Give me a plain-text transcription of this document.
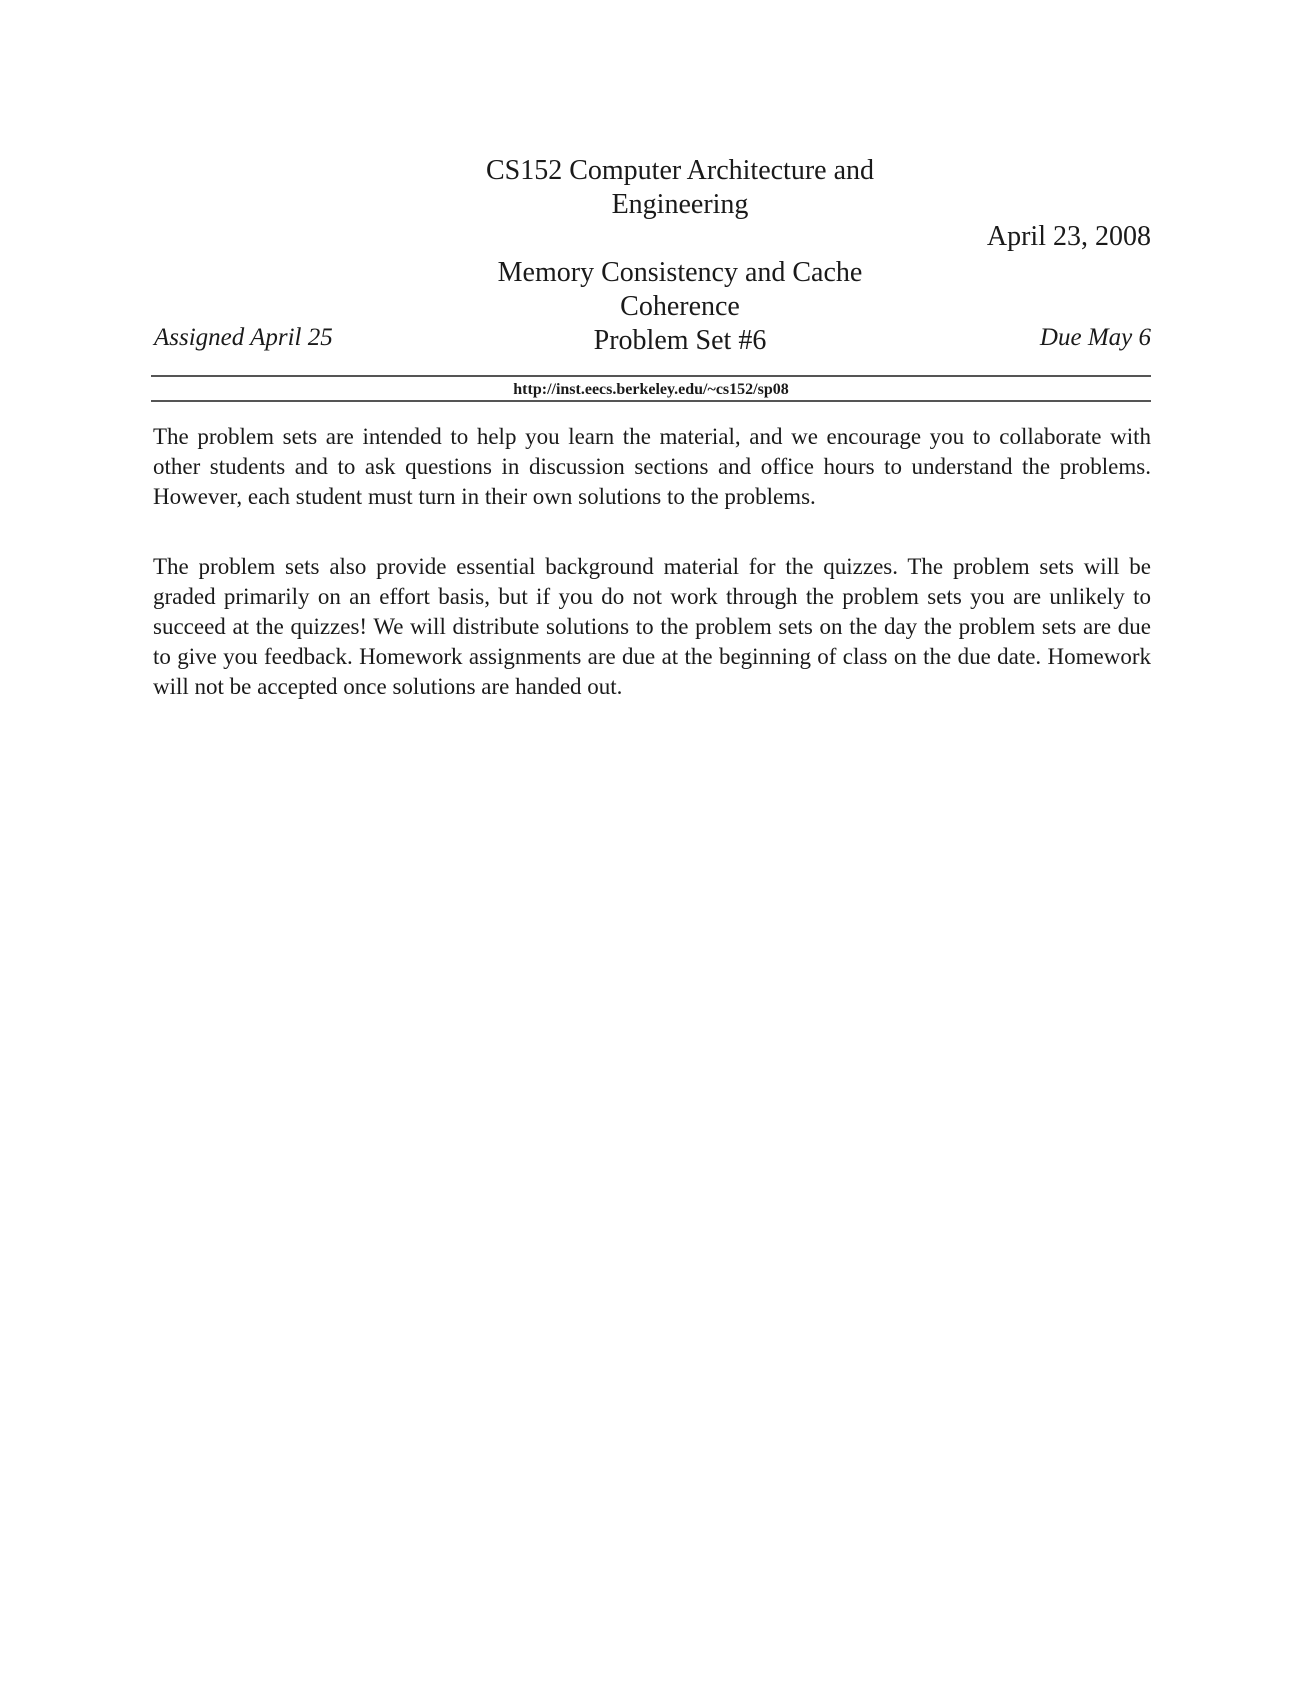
CS152 Computer Architecture and
Engineering
April 23, 2008
Memory Consistency and Cache
Coherence
Problem Set #6
Assigned April 25	Due May 6
http://inst.eecs.berkeley.edu/~cs152/sp08

The problem sets are intended to help you learn the material, and we encourage you to collaborate with other students and to ask questions in discussion sections and office hours to understand the problems. However, each student must turn in their own solutions to the problems.

The problem sets also provide essential background material for the quizzes. The problem sets will be graded primarily on an effort basis, but if you do not work through the problem sets you are unlikely to succeed at the quizzes! We will distribute solutions to the problem sets on the day the problem sets are due to give you feedback. Homework assignments are due at the beginning of class on the due date. Homework will not be accepted once solutions are handed out.
